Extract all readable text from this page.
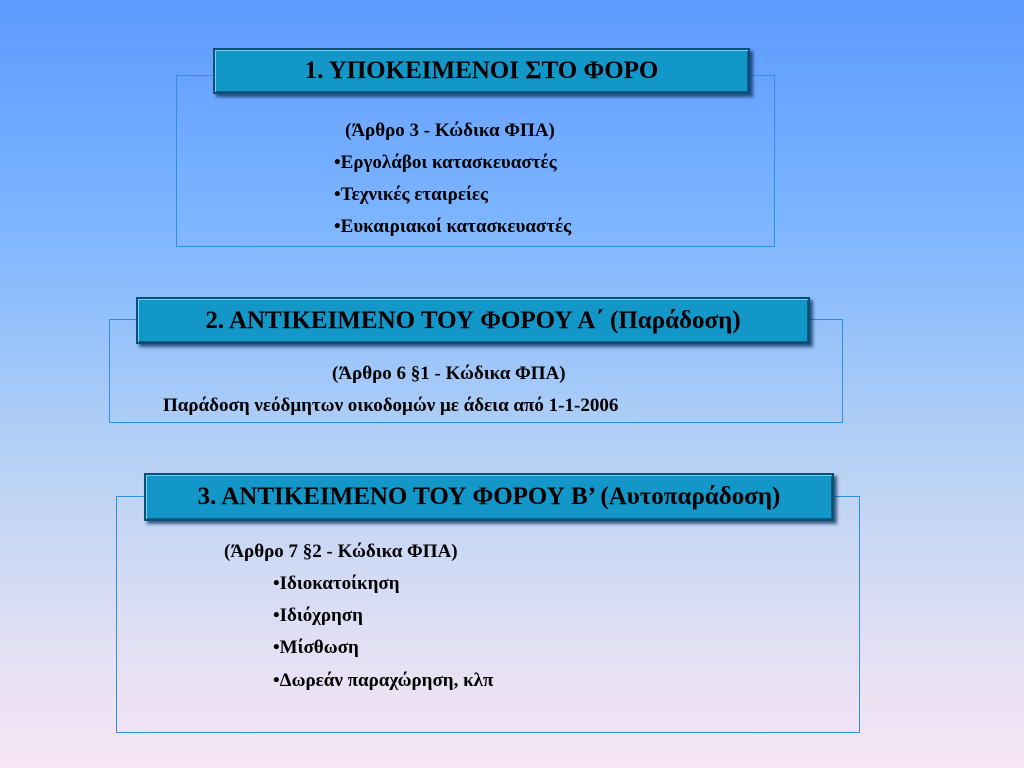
1. ΥΠΟΚΕΙΜΕΝΟΙ ΣΤΟ ΦΟΡΟ
(Άρθρο 3 - Κώδικα ΦΠΑ)
•Εργολάβοι κατασκευαστές
•Τεχνικές εταιρείες
•Ευκαιριακοί κατασκευαστές
2. ΑΝΤΙΚΕΙΜΕΝΟ ΤΟΥ ΦΟΡΟΥ Α΄ (Παράδοση)
(Άρθρο 6 §1 - Κώδικα ΦΠΑ)
Παράδοση νεόδμητων οικοδομών με άδεια από 1-1-2006
3. ΑΝΤΙΚΕΙΜΕΝΟ ΤΟΥ ΦΟΡΟΥ Β’ (Αυτοπαράδοση)
(Άρθρο 7 §2 - Κώδικα ΦΠΑ)
•Ιδιοκατοίκηση
•Ιδιόχρηση
•Μίσθωση
•Δωρεάν παραχώρηση, κλπ
